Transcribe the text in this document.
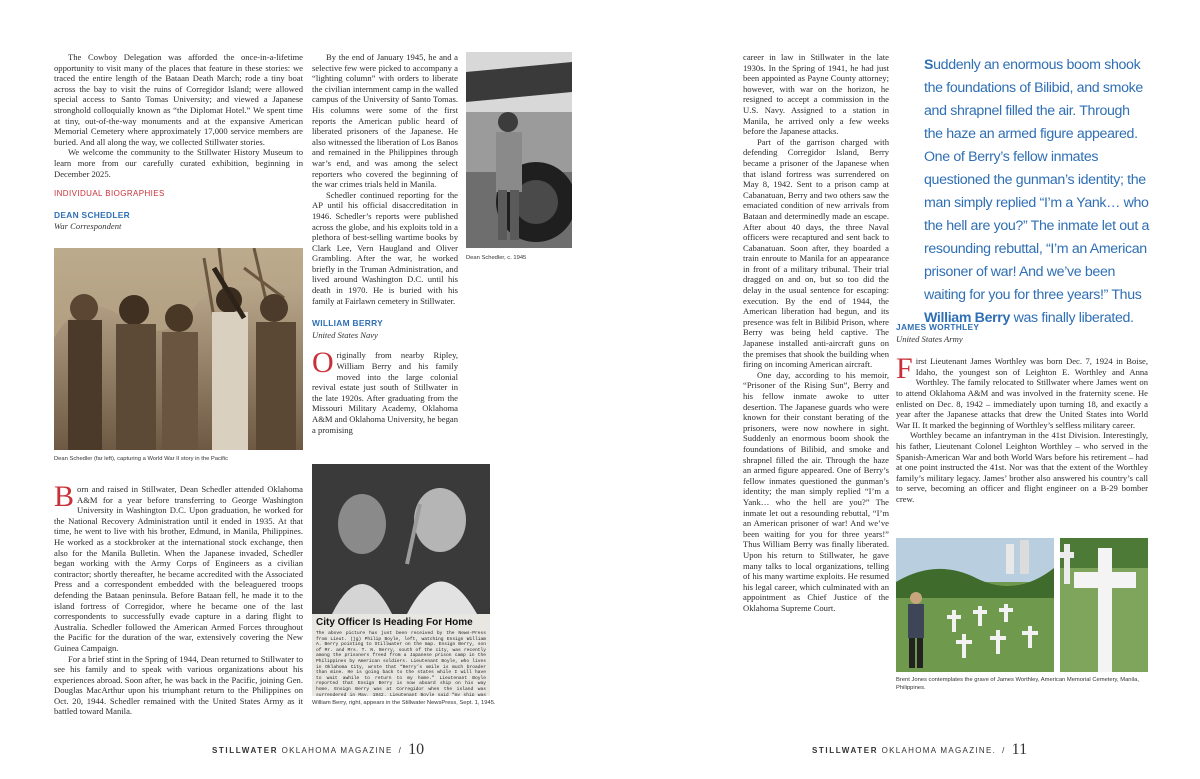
The Cowboy Delegation was afforded the once-in-a-lifetime opportunity to visit many of the places that feature in these stories: we traced the entire length of the Bataan Death March; rode a tiny boat across the bay to visit the ruins of Corregidor Island; were allowed special access to Santo Tomas University; and viewed a Japanese stronghold colloquially known as “the Diplomat Hotel.” We spent time at tiny, out-of-the-way monuments and at the expansive American Memorial Cemetery where approximately 17,000 service members are buried. And all along the way, we collected Stillwater stories.

We welcome the community to the Stillwater History Museum to learn more from our carefully curated exhibition, beginning in December 2025.

INDIVIDUAL BIOGRAPHIES
DEAN SCHEDLER
War Correspondent
Dean Schedler (far left), capturing a World War II story in the Pacific

Born and raised in Stillwater, Dean Schedler attended Oklahoma A&M for a year before transferring to George Washington University in Washington D.C. Upon graduation, he worked for the National Recovery Administration until it ended in 1935. At that time, he went to live with his brother, Edmund, in Manila, Philippines. He worked as a stockbroker at the international stock exchange, then also for the Manila Bulletin. When the Japanese invaded, Schedler began working with the Army Corps of Engineers as a civilian contractor; shortly thereafter, he became accredited with the Associated Press and a correspondent embedded with the beleaguered troops defending the Bataan peninsula. Before Bataan fell, he made it to the island fortress of Corregidor, where he became one of the last correspondents to successfully evade capture in a daring flight to Australia. Schedler followed the American Armed Forces throughout the Pacific for the duration of the war, extensively covering the New Guinea Campaign.

For a brief stint in the Spring of 1944, Dean returned to Stillwater to see his family and to speak with various organizations about his experiences abroad. Soon after, he was back in the Pacific, joining Gen. Douglas MacArthur upon his triumphant return to the Philippines on Oct. 20, 1944. Schedler remained with the United States Army as it battled toward Manila.

By the end of January 1945, he and a selective few were picked to accompany a “lighting column” with orders to liberate the civilian internment camp in the walled campus of the University of Santo Tomas. His columns were some of the first reports the American public heard of liberated prisoners of the Japanese. He also witnessed the liberation of Los Banos and remained in the Philippines through war’s end, and was among the select reporters who covered the beginning of the war crimes trials held in Manila.

Schedler continued reporting for the AP until his official disaccreditation in 1946. Schedler’s reports were published across the globe, and his exploits told in a plethora of best-selling wartime books by Clark Lee, Vern Haugland and Oliver Grambling. After the war, he worked briefly in the Truman Administration, and lived around Washington D.C. until his death in 1970. He is buried with his family at Fairlawn cemetery in Stillwater.

WILLIAM BERRY
United States Navy

Originally from nearby Ripley, William Berry and his family moved into the large colonial revival estate just south of Stillwater in the late 1920s. After graduating from the Missouri Military Academy, Oklahoma A&M and Oklahoma University, he began a promising

Dean Schedler, c. 1945
City Officer Is Heading For Home
The above picture has just been received by the News-Press from Lieut. (jg) Philip Boyle, left, watching Ensign William A. Berry pointing to Stillwater on the map. Ensign Berry, son of Mr. and Mrs. T. N. Berry, south of the city, was recently among the prisoners freed from a Japanese prison camp in the Philippines by American soldiers. Lieutenant Boyle, who lives in Oklahoma City, wrote that “Berry’s smile is much broader than mine. He is going back to the states while I will have to wait awhile to return to my home.” Lieutenant Boyle reported that Ensign Berry is now aboard ship on his way home. Ensign Berry was at Corregidor when the island was surrendered in May, 1942. Lieutenant Boyle said “my ship was
William Berry, right, appears in the Stillwater NewsPress, Sept. 1, 1945.
STILLWATER
OKLAHOMA MAGAZINE / 10

career in law in Stillwater in the late 1930s. In the Spring of 1941, he had just been appointed as Payne County attorney; however, with war on the horizon, he resigned to accept a commission in the U.S. Navy. Assigned to a station in Manila, he arrived only a few weeks before the Japanese attacks.

Part of the garrison charged with defending Corregidor Island, Berry became a prisoner of the Japanese when that island fortress was surrendered on May 8, 1942. Sent to a prison camp at Cabanatuan, Berry and two others saw the emaciated condition of new arrivals from Bataan and determinedly made an escape. After about 40 days, the three Naval officers were recaptured and sent back to Cabanatuan. Soon after, they boarded a train enroute to Manila for an appearance in front of a military tribunal. Their trial dragged on and on, but so too did the delay in the usual sentence for escaping: execution. By the end of 1944, the American liberation had begun, and its presence was felt in Bilibid Prison, where Berry was being held captive. The Japanese installed anti-aircraft guns on the premises that shook the building when firing on incoming American aircraft.

One day, according to his memoir, “Prisoner of the Rising Sun”, Berry and his fellow inmate awoke to utter desertion. The Japanese guards who were known for their constant berating of the prisoners, were now nowhere in sight. Suddenly an enormous boom shook the foundations of Bilibid, and smoke and shrapnel filled the air. Through the haze an armed figure appeared. One of Berry’s fellow inmates questioned the gunman’s identity; the man simply replied “I’m a Yank… who the hell are you?” The inmate let out a resounding rebuttal, “I’m an American prisoner of war! And we’ve been waiting for you for three years!” Thus William Berry was finally liberated. Upon his return to Stillwater, he gave many talks to local organizations, telling of his many wartime exploits. He resumed his legal career, which culminated with an appointment as Chief Justice of the Oklahoma Supreme Court.

Suddenly an enormous boom shook the foundations of Bilibid, and smoke and shrapnel filled the air. Through the haze an armed figure appeared. One of Berry’s fellow inmates questioned the gunman’s identity; the man simply replied “I’m a Yank… who the hell are you?” The inmate let out a resounding rebuttal, “I’m an American prisoner of war! And we’ve been waiting for you for three years!” Thus William Berry was finally liberated.
JAMES WORTHLEY
United States Army

First Lieutenant James Worthley was born Dec. 7, 1924 in Boise, Idaho, the youngest son of Leighton E. Worthley and Anna Worthley. The family relocated to Stillwater where James went on to attend Oklahoma A&M and was involved in the fraternity scene. He enlisted on Dec. 8, 1942 – immediately upon turning 18, and exactly a year after the Japanese attacks that drew the United States into World War II. It marked the beginning of Worthley’s selfless military career.

Worthley became an infantryman in the 41st Division. Interestingly, his father, Lieutenant Colonel Leighton Worthley – who served in the Spanish-American War and both World Wars before his retirement – had at one point instructed the 41st. Nor was that the extent of the Worthley family’s military legacy. James’ brother also answered his country’s call to serve, becoming an officer and flight engineer on a B-29 bomber crew.

Brent Jones contemplates the grave of James Worthley, American Memorial Cemetery, Manila, Philippines.
STILLWATER
OKLAHOMA MAGAZINE. / 11
